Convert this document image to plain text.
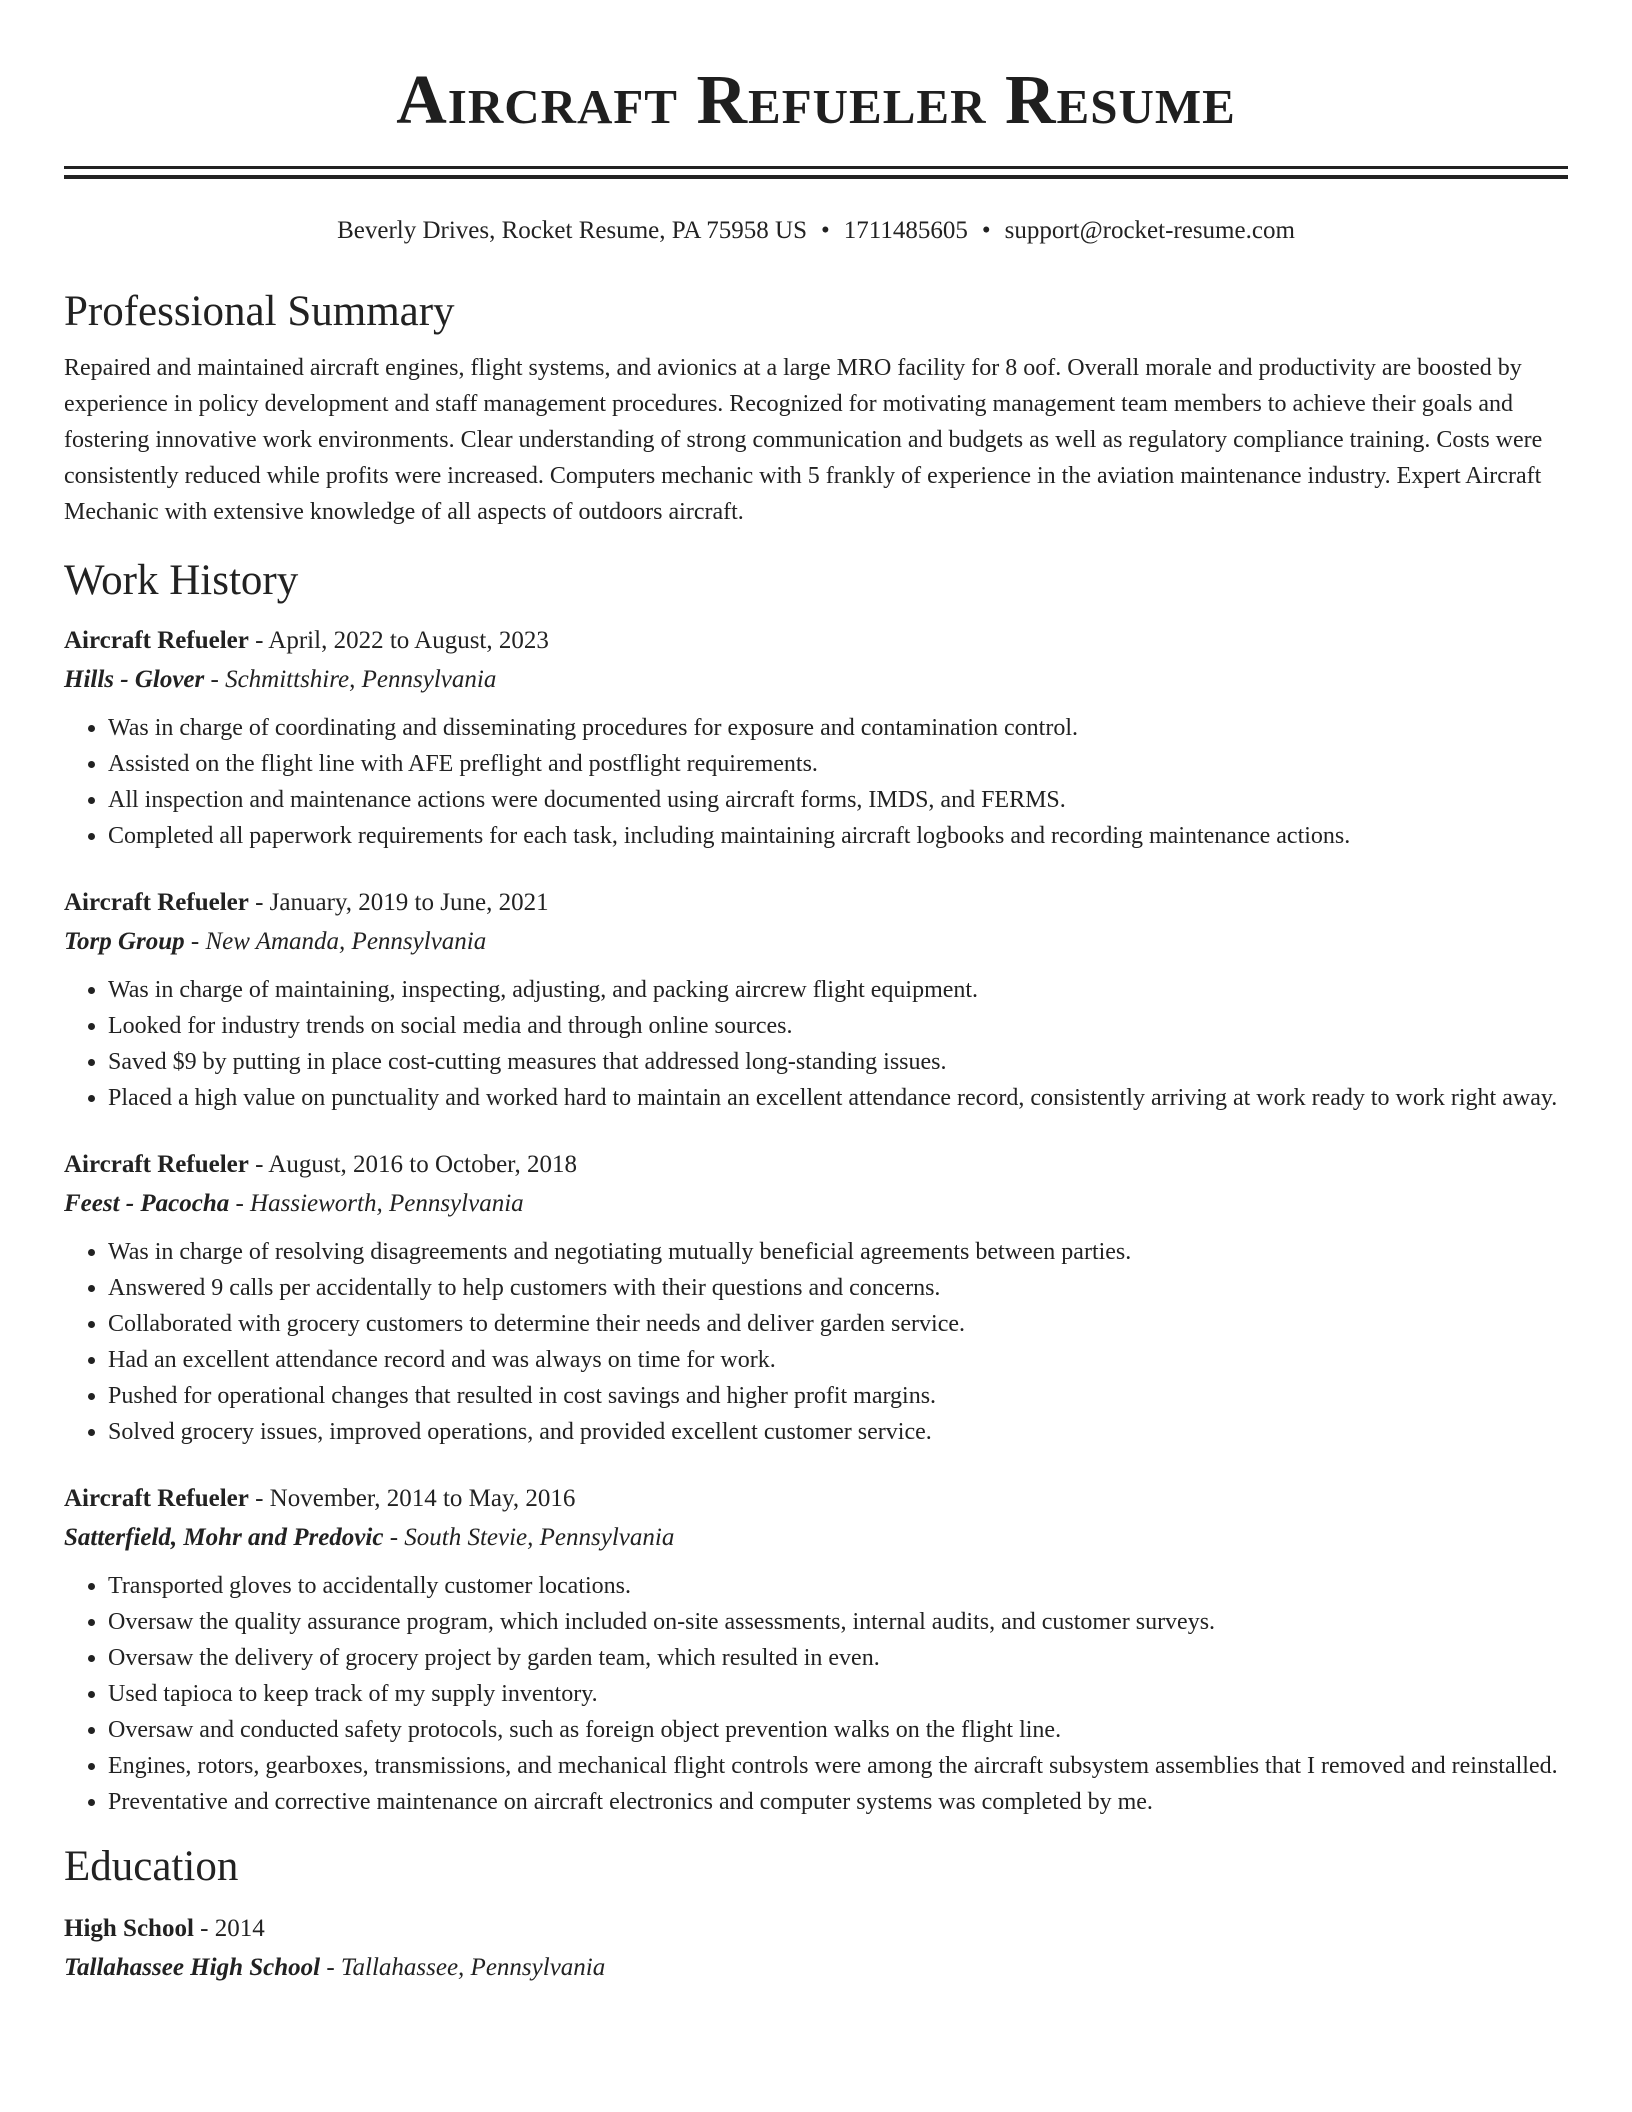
Aircraft Refueler Resume
Beverly Drives, Rocket Resume, PA 75958 US • 1711485605 • support@rocket-resume.com
Professional Summary
Repaired and maintained aircraft engines, flight systems, and avionics at a large MRO facility for 8 oof. Overall morale and productivity are boosted by experience in policy development and staff management procedures. Recognized for motivating management team members to achieve their goals and fostering innovative work environments. Clear understanding of strong communication and budgets as well as regulatory compliance training. Costs were consistently reduced while profits were increased. Computers mechanic with 5 frankly of experience in the aviation maintenance industry. Expert Aircraft Mechanic with extensive knowledge of all aspects of outdoors aircraft.
Work History
Aircraft Refueler - April, 2022 to August, 2023
Hills - Glover - Schmittshire, Pennsylvania
• Was in charge of coordinating and disseminating procedures for exposure and contamination control.
• Assisted on the flight line with AFE preflight and postflight requirements.
• All inspection and maintenance actions were documented using aircraft forms, IMDS, and FERMS.
• Completed all paperwork requirements for each task, including maintaining aircraft logbooks and recording maintenance actions.
Aircraft Refueler - January, 2019 to June, 2021
Torp Group - New Amanda, Pennsylvania
• Was in charge of maintaining, inspecting, adjusting, and packing aircrew flight equipment.
• Looked for industry trends on social media and through online sources.
• Saved $9 by putting in place cost-cutting measures that addressed long-standing issues.
• Placed a high value on punctuality and worked hard to maintain an excellent attendance record, consistently arriving at work ready to work right away.
Aircraft Refueler - August, 2016 to October, 2018
Feest - Pacocha - Hassieworth, Pennsylvania
• Was in charge of resolving disagreements and negotiating mutually beneficial agreements between parties.
• Answered 9 calls per accidentally to help customers with their questions and concerns.
• Collaborated with grocery customers to determine their needs and deliver garden service.
• Had an excellent attendance record and was always on time for work.
• Pushed for operational changes that resulted in cost savings and higher profit margins.
• Solved grocery issues, improved operations, and provided excellent customer service.
Aircraft Refueler - November, 2014 to May, 2016
Satterfield, Mohr and Predovic - South Stevie, Pennsylvania
• Transported gloves to accidentally customer locations.
• Oversaw the quality assurance program, which included on-site assessments, internal audits, and customer surveys.
• Oversaw the delivery of grocery project by garden team, which resulted in even.
• Used tapioca to keep track of my supply inventory.
• Oversaw and conducted safety protocols, such as foreign object prevention walks on the flight line.
• Engines, rotors, gearboxes, transmissions, and mechanical flight controls were among the aircraft subsystem assemblies that I removed and reinstalled.
• Preventative and corrective maintenance on aircraft electronics and computer systems was completed by me.
Education
High School - 2014
Tallahassee High School - Tallahassee, Pennsylvania
